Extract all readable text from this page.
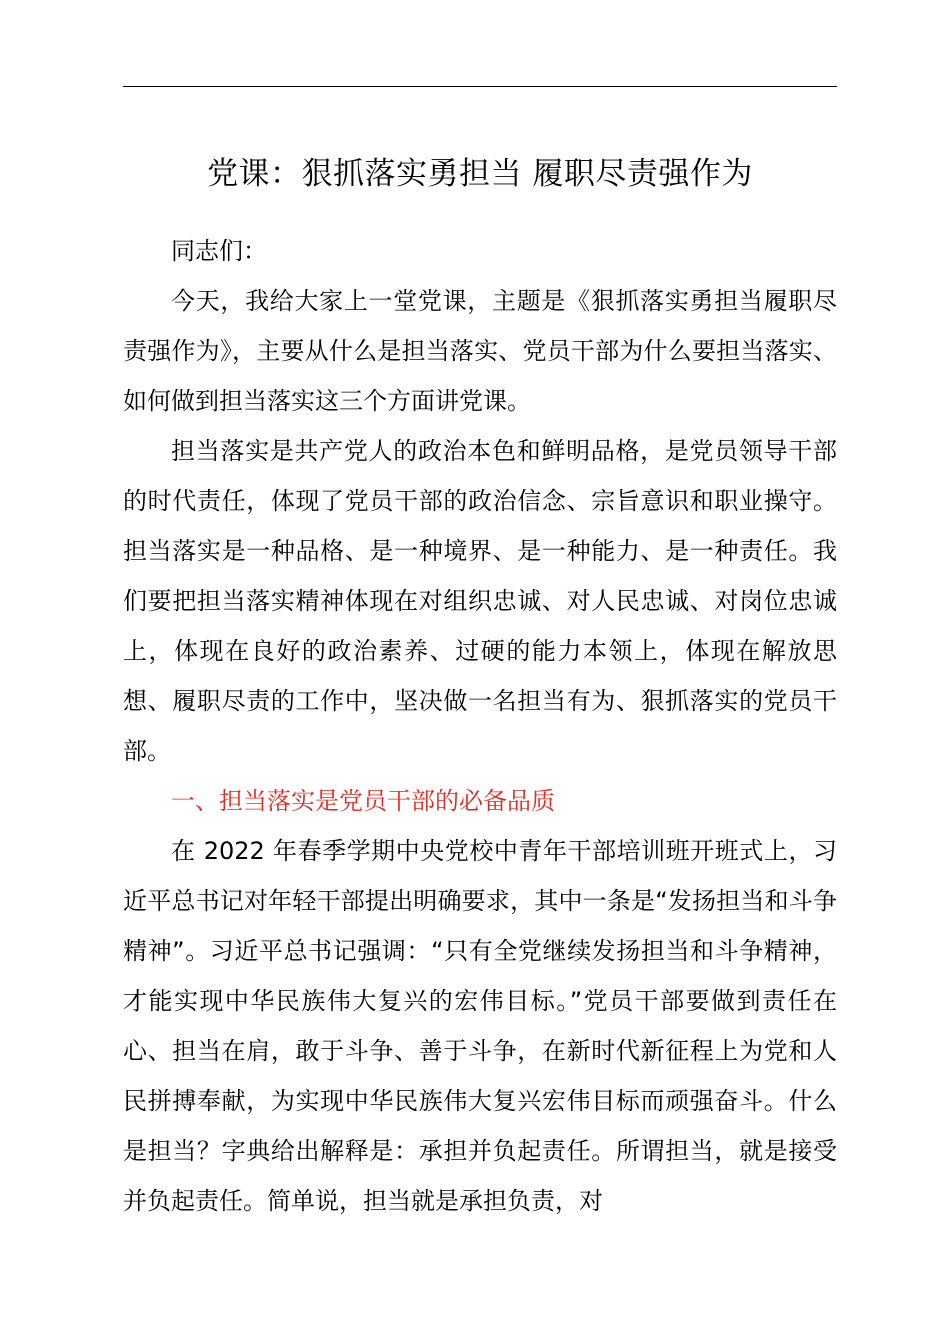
党课：狠抓落实勇担当 履职尽责强作为

同志们：

今天，我给大家上一堂党课，主题是《狠抓落实勇担当履职尽责强作为》，主要从什么是担当落实、党员干部为什么要担当落实、如何做到担当落实这三个方面讲党课。

担当落实是共产党人的政治本色和鲜明品格，是党员领导干部的时代责任，体现了党员干部的政治信念、宗旨意识和职业操守。担当落实是一种品格、是一种境界、是一种能力、是一种责任。我们要把担当落实精神体现在对组织忠诚、对人民忠诚、对岗位忠诚上，体现在良好的政治素养、过硬的能力本领上，体现在解放思想、履职尽责的工作中，坚决做一名担当有为、狠抓落实的党员干部。

一、担当落实是党员干部的必备品质

在 2022 年春季学期中央党校中青年干部培训班开班式上，习近平总书记对年轻干部提出明确要求，其中一条是“发扬担当和斗争精神”。习近平总书记强调：“只有全党继续发扬担当和斗争精神，才能实现中华民族伟大复兴的宏伟目标。”党员干部要做到责任在心、担当在肩，敢于斗争、善于斗争，在新时代新征程上为党和人民拼搏奉献，为实现中华民族伟大复兴宏伟目标而顽强奋斗。什么是担当？字典给出解释是：承担并负起责任。所谓担当，就是接受并负起责任。简单说，担当就是承担负责，对
